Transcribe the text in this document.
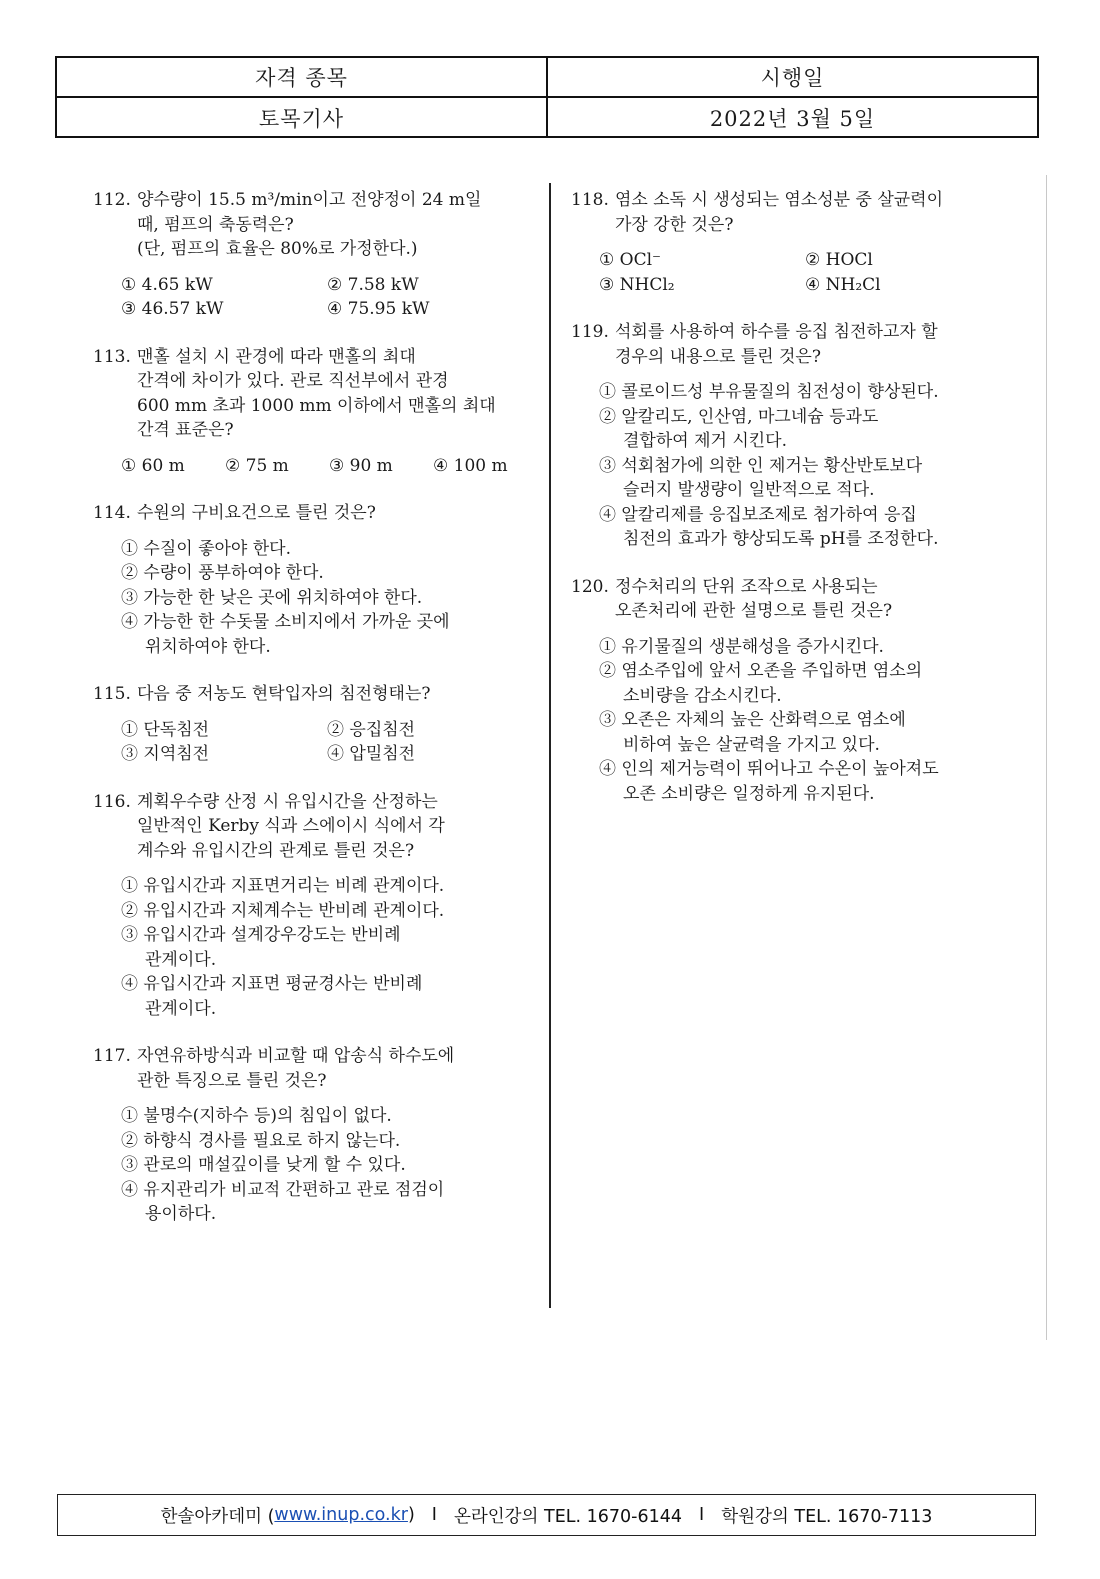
자격 종목	시행일
토목기사	2022년 3월 5일
112. 양수량이 15.5 m³/min이고 전양정이 24 m일
때, 펌프의 축동력은?
(단, 펌프의 효율은 80%로 가정한다.)
① 4.65 kW	② 7.58 kW
③ 46.57 kW	④ 75.95 kW
113. 맨홀 설치 시 관경에 따라 맨홀의 최대
간격에 차이가 있다. 관로 직선부에서 관경
600 mm 초과 1000 mm 이하에서 맨홀의 최대
간격 표준은?
① 60 m	② 75 m	③ 90 m	④ 100 m
114. 수원의 구비요건으로 틀린 것은?
① 수질이 좋아야 한다.
② 수량이 풍부하여야 한다.
③ 가능한 한 낮은 곳에 위치하여야 한다.
④ 가능한 한 수돗물 소비지에서 가까운 곳에
위치하여야 한다.
115. 다음 중 저농도 현탁입자의 침전형태는?
① 단독침전	② 응집침전
③ 지역침전	④ 압밀침전
116. 계획우수량 산정 시 유입시간을 산정하는
일반적인 Kerby 식과 스에이시 식에서 각
계수와 유입시간의 관계로 틀린 것은?
① 유입시간과 지표면거리는 비례 관계이다.
② 유입시간과 지체계수는 반비례 관계이다.
③ 유입시간과 설계강우강도는 반비례
관계이다.
④ 유입시간과 지표면 평균경사는 반비례
관계이다.
117. 자연유하방식과 비교할 때 압송식 하수도에
관한 특징으로 틀린 것은?
① 불명수(지하수 등)의 침입이 없다.
② 하향식 경사를 필요로 하지 않는다.
③ 관로의 매설깊이를 낮게 할 수 있다.
④ 유지관리가 비교적 간편하고 관로 점검이
용이하다.
118. 염소 소독 시 생성되는 염소성분 중 살균력이
가장 강한 것은?
① OCl⁻	② HOCl
③ NHCl₂	④ NH₂Cl
119. 석회를 사용하여 하수를 응집 침전하고자 할
경우의 내용으로 틀린 것은?
① 콜로이드성 부유물질의 침전성이 향상된다.
② 알칼리도, 인산염, 마그네슘 등과도
결합하여 제거 시킨다.
③ 석회첨가에 의한 인 제거는 황산반토보다
슬러지 발생량이 일반적으로 적다.
④ 알칼리제를 응집보조제로 첨가하여 응집
침전의 효과가 향상되도록 pH를 조정한다.
120. 정수처리의 단위 조작으로 사용되는
오존처리에 관한 설명으로 틀린 것은?
① 유기물질의 생분해성을 증가시킨다.
② 염소주입에 앞서 오존을 주입하면 염소의
소비량을 감소시킨다.
③ 오존은 자체의 높은 산화력으로 염소에
비하여 높은 살균력을 가지고 있다.
④ 인의 제거능력이 뛰어나고 수온이 높아져도
오존 소비량은 일정하게 유지된다.
한솔아카데미 ( www.inup.co.kr ) I 온라인강의 TEL. 1670-6144 I 학원강의 TEL. 1670-7113
